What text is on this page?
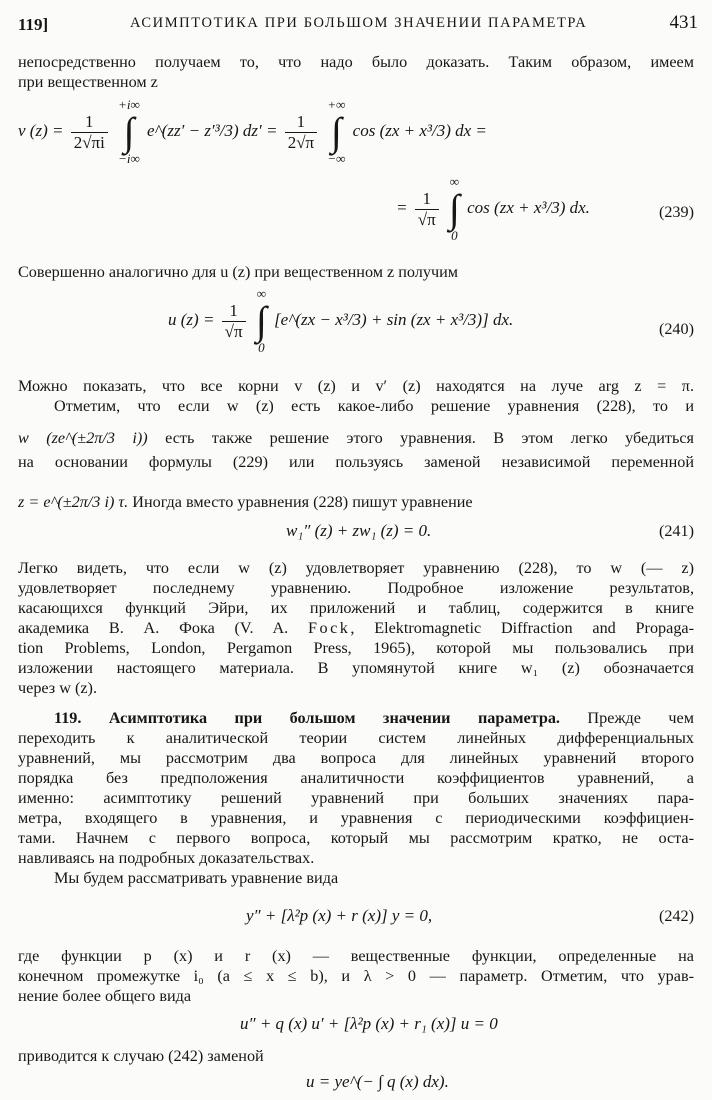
119]	АСИМПТОТИКА ПРИ БОЛЬШОМ ЗНАЧЕНИИ ПАРАМЕТРА	431
непосредственно получаем то, что надо было доказать. Таким образом, имеем
при вещественном z
v $(z) = \frac{1}{2√\pi i}$
+i∞
∫
−i∞ e^(zz′ − z′³/3) $dz' = \frac{1}{2√\pi}$
+∞
∫
−∞ cos (zx + x³/3) dx =
= $\frac{1}{√\pi}$
∞
∫
0 cos (zx + x³/3) dx.	(239)
Совершенно аналогично для u (z) при вещественном z получим
u $(z) = \frac{1}{√\pi}$
∞
∫
0 [e^(zx − x³/3) + sin (zx + x³/3)] dx.
(240)
Можно показать, что все корни v (z) и v′ (z) находятся на луче arg z = π.
Отметим, что если w (z) есть какое-либо решение уравнения (228), то и
w (ze^(±2π/3 i)) есть также решение этого уравнения. В этом легко убедиться
на основании формулы (229) или пользуясь заменой независимой переменной
z = e^(±2π/3 i) τ. Иногда вместо уравнения (228) пишут уравнение
w₁″ (z) + zw₁ (z) = 0.	(241)
Легко видеть, что если w (z) удовлетворяет уравнению (228), то w (— z)
удовлетворяет последнему уравнению. Подробное изложение результатов,
касающихся функций Эйри, их приложений и таблиц, содержится в книге
академика В. А. Фока (V. A. Fock, Elektromagnetic Diffraction and Propaga-
tion Problems, London, Pergamon Press, 1965), которой мы пользовались при
изложении настоящего материала. В упомянутой книге w₁ (z) обозначается
через w (z).
119. Асимптотика при большом значении параметра. Прежде чем
переходить к аналитической теории систем линейных дифференциальных
уравнений, мы рассмотрим два вопроса для линейных уравнений второго
порядка без предположения аналитичности коэффициентов уравнений, а
именно: асимптотику решений уравнений при больших значениях пара-
метра, входящего в уравнения, и уравнения с периодическими коэффициен-
тами. Начнем с первого вопроса, который мы рассмотрим кратко, не оста-
навливаясь на подробных доказательствах.
Мы будем рассматривать уравнение вида
y″ + [λ²p (x) + r (x)] y = 0,	(242)
где функции p (x) и r (x) — вещественные функции, определенные на
конечном промежутке i₀ (a ≤ x ≤ b), и λ > 0 — параметр. Отметим, что урав-
нение более общего вида
u″ + q (x) u′ + [λ²p (x) + r₁ (x)] u = 0
приводится к случаю (242) заменой
u = ye^(− ∫ q (x) dx).
